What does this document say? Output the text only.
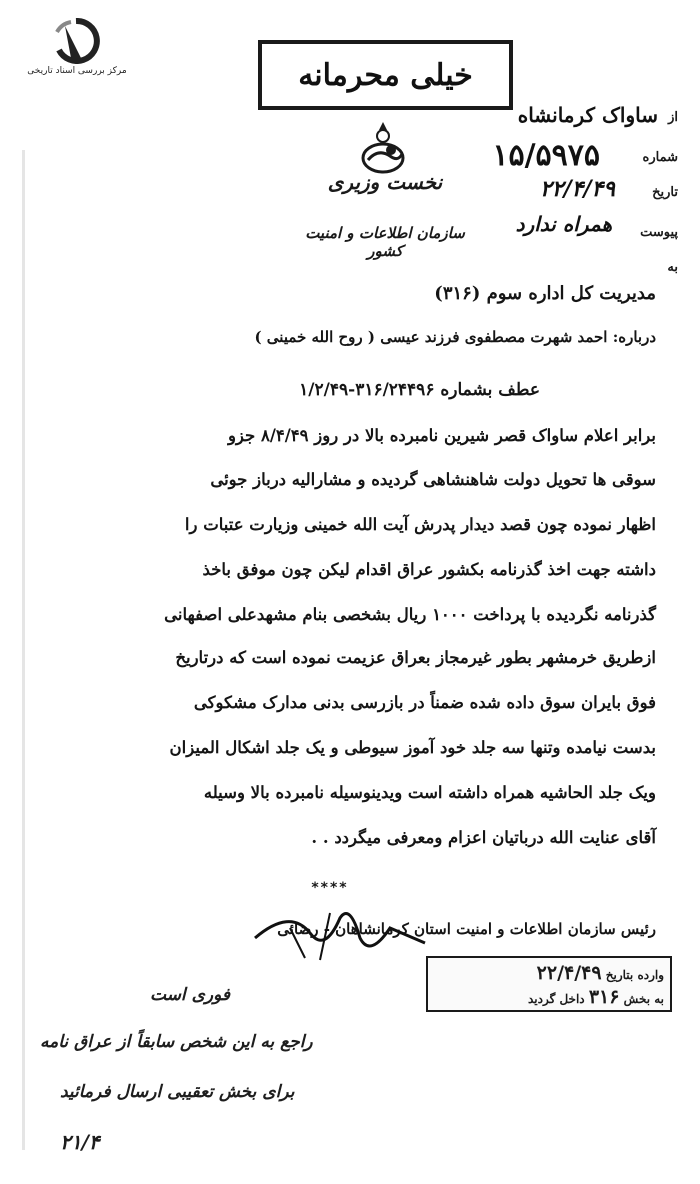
مرکز بررسی اسناد تاریخی	خیلی محرمانه
از
ساواک کرمانشاه
شماره
۱۵/۵۹۷۵
تاریخ
۲۲/۴/۴۹
پیوست
همراه ندارد
به
نخست وزیری
سازمان اطلاعات و امنیت کشور
مدیریت کل اداره سوم (۳۱۶)
درباره: احمد شهرت مصطفوی فرزند عیسی ( روح الله خمینی )
عطف بشماره ۳۱۶/۲۴۴۹۶-۱/۲/۴۹
برابر اعلام ساواک قصر شیرین نامبرده بالا در روز ۸/۴/۴۹ جزو
سوقی ها تحویل دولت شاهنشاهی گردیده و مشارالیه درباز جوئی
اظهار نموده چون قصد دیدار پدرش آیت الله خمینی وزیارت عتبات را
داشته جهت اخذ گذرنامه بکشور عراق اقدام لیکن چون موفق باخذ
گذرنامه نگردیده با پرداخت ۱۰۰۰ ریال بشخصی بنام مشهدعلی اصفهانی
ازطریق خرمشهر بطور غیرمجاز بعراق عزیمت نموده است که درتاریخ
فوق بایران سوق داده شده ضمناً در بازرسی بدنی مدارک مشکوکی
بدست نیامده وتنها سه جلد خود آموز سیوطی و یک جلد اشکال المیزان
ویک جلد الحاشیه همراه داشته است ویدینوسیله نامبرده بالا وسیله
آقای عنایت الله درباتیان اعزام ومعرفی میگردد . .
****
رئیس سازمان اطلاعات و امنیت استان کرمانشاهان - رضائی
وارده بتاریخ ۲۲/۴/۴۹
به بخش ۳۱۶ داخل گردید
فوری است
راجع به این شخص سابقاً از عراق نامه
برای بخش تعقیبی ارسال فرمائید
۲۱/۴
